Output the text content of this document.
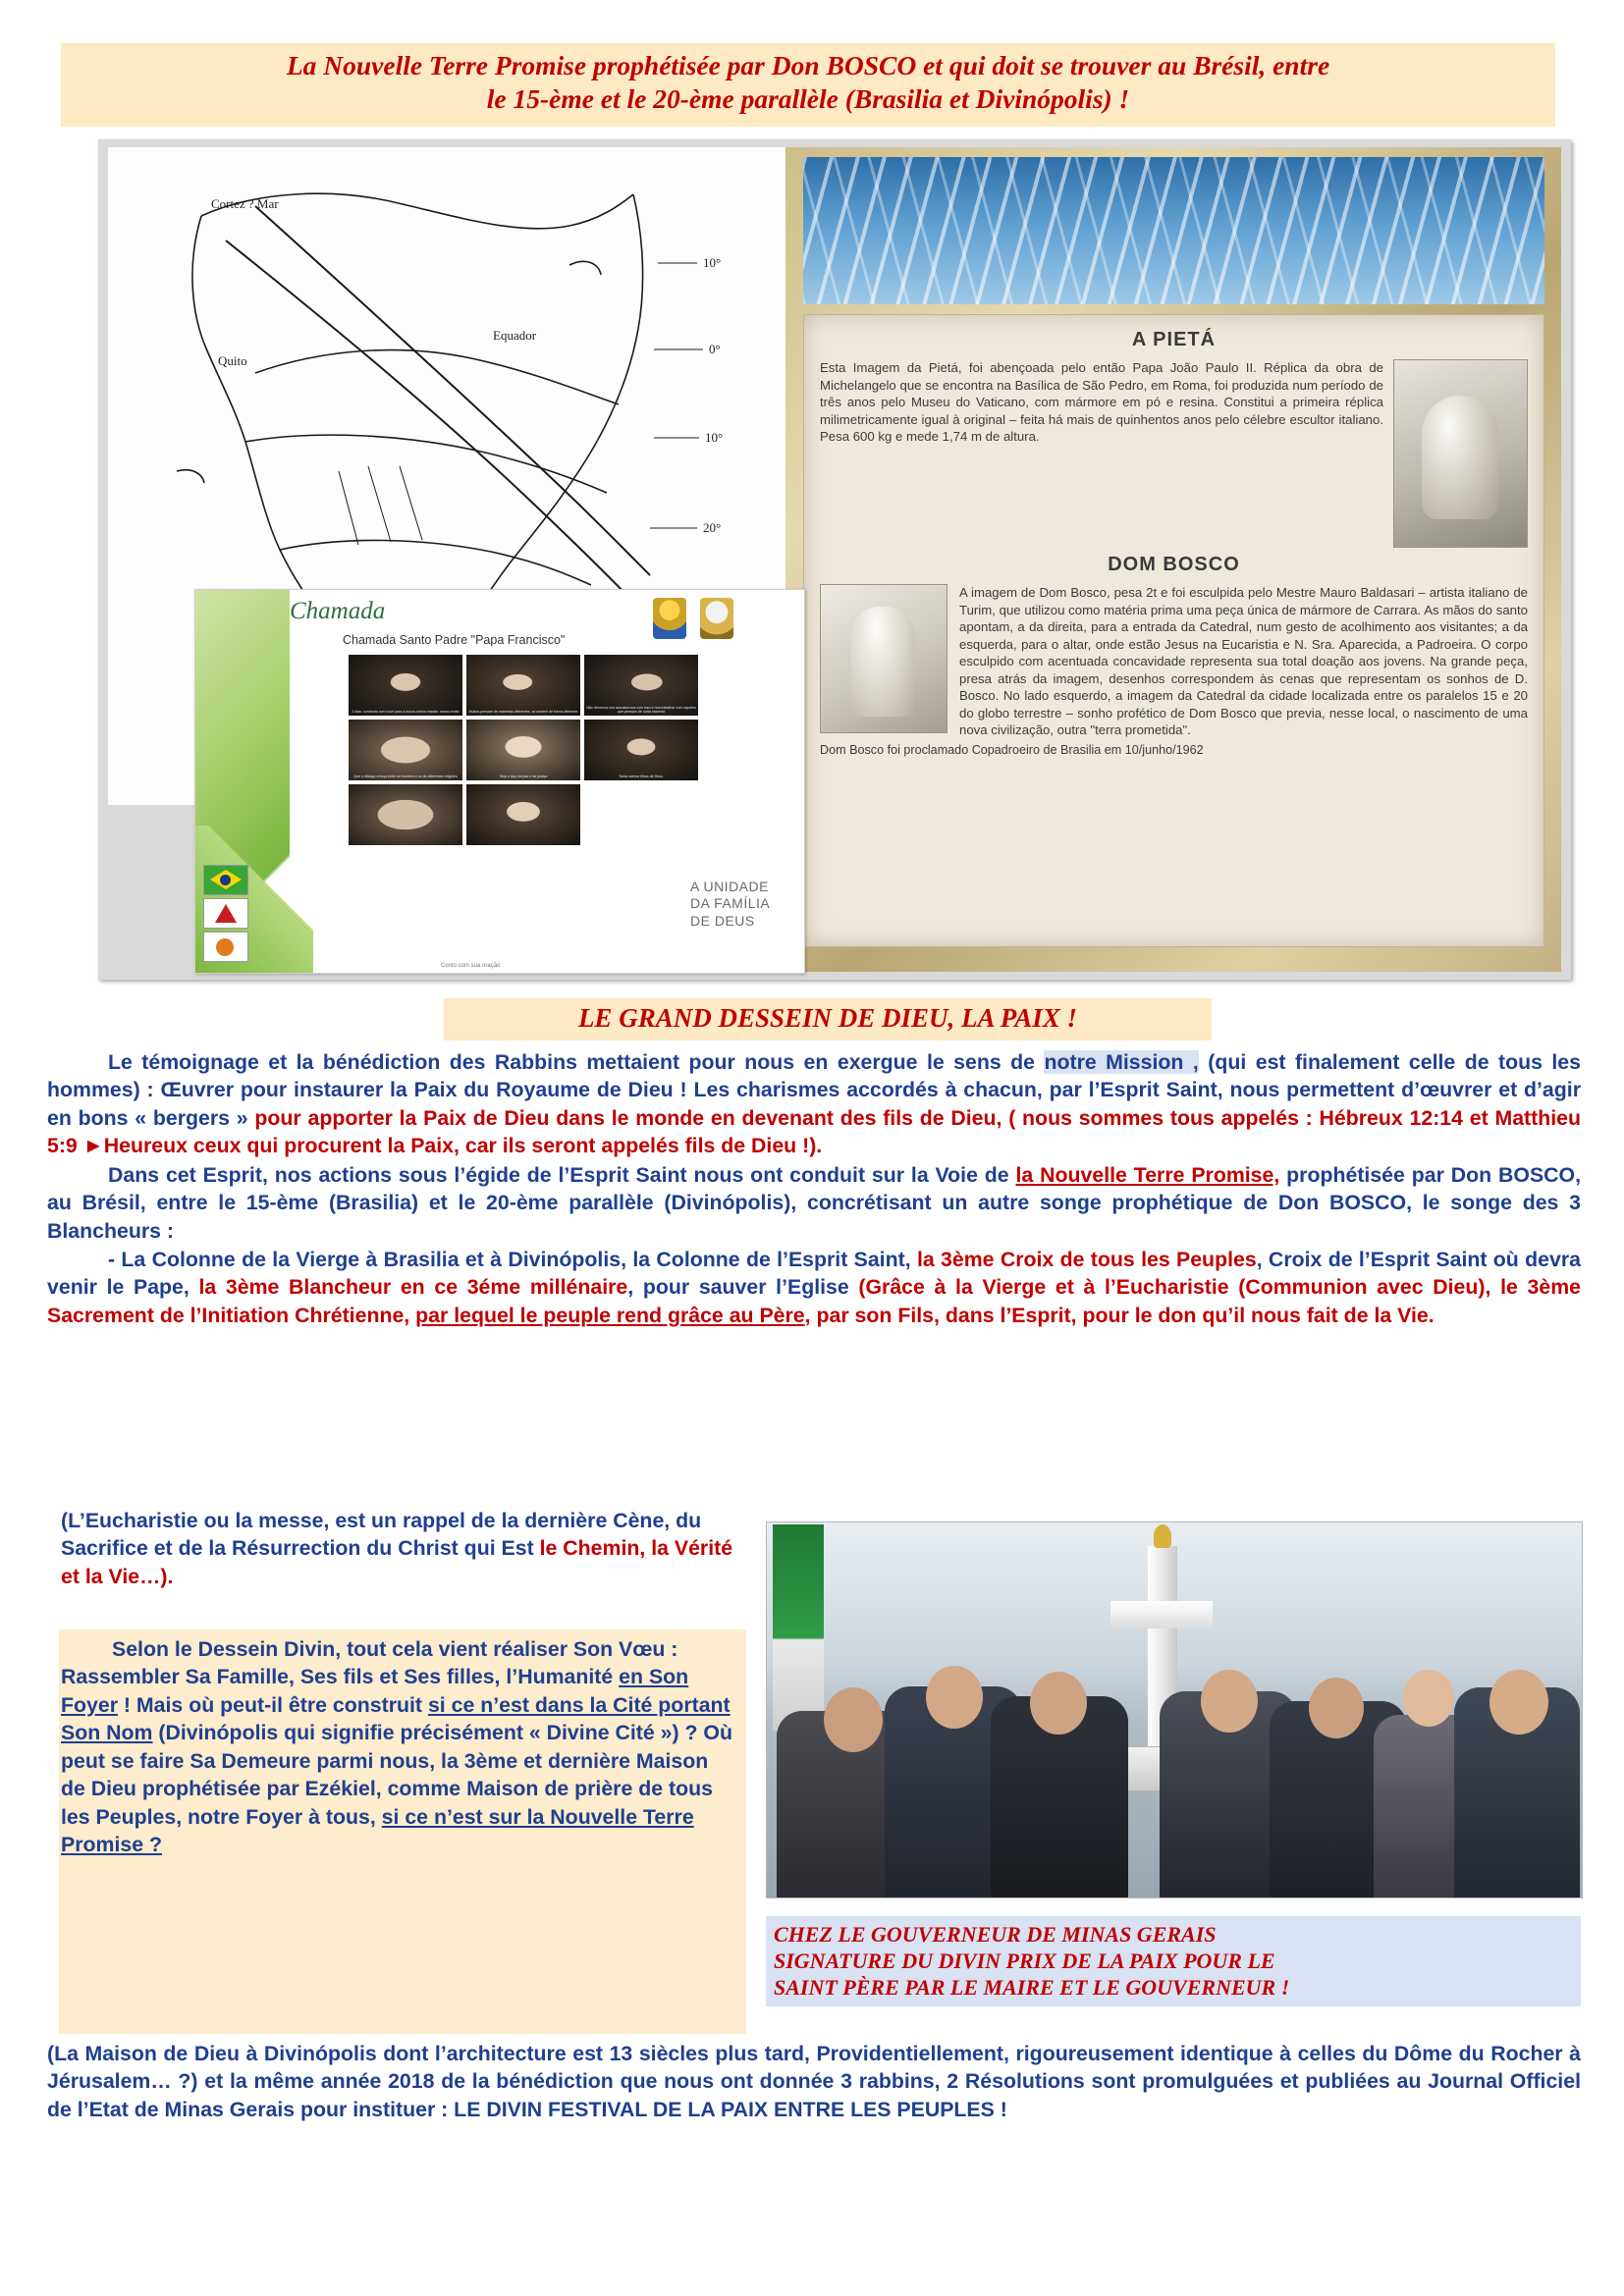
La Nouvelle Terre Promise prophétisée par Don BOSCO et qui doit se trouver au Brésil, entre
le 15-ème et le 20-ème parallèle (Brasilia et Divinópolis) !
Cortez ? Mar
Equador
Quito
10°
0°
10°
20°
A PIETÁ
Esta Imagem da Pietá, foi abençoada pelo então Papa João Paulo II. Réplica da obra de Michelangelo que se encontra na Basílica de São Pedro, em Roma, foi produzida num período de três anos pelo Museu do Vaticano, com mármore em pó e resina. Constitui a primeira réplica milimetricamente igual à original – feita há mais de quinhentos anos pelo célebre escultor italiano. Pesa 600 kg e mede 1,74 m de altura.
DOM BOSCO
A imagem de Dom Bosco, pesa 2t e foi esculpida pelo Mestre Mauro Baldasari – artista italiano de Turim, que utilizou como matéria prima uma peça única de mármore de Carrara. As mãos do santo apontam, a da direita, para a entrada da Catedral, num gesto de acolhimento aos visitantes; a da esquerda, para o altar, onde estão Jesus na Eucaristia e N. Sra. Aparecida, a Padroeira. O corpo esculpido com acentuada concavidade representa sua total doação aos jovens. Na grande peça, presa atrás da imagem, desenhos correspondem às cenas que representam os sonhos de D. Bosco. No lado esquerdo, a imagem da Catedral da cidade localizada entre os paralelos 15 e 20 do globo terrestre – sonho profético de Dom Bosco que previa, nesse local, o nascimento de uma nova civilização, outra "terra prometida".
Dom Bosco foi proclamado Copadroeiro de Brasilia em 10/junho/1962
Chamada
Chamada Santo Padre "Papa Francisco"
3 dias: contando com você para a busca minha missão: nosso irmão	Muitos pensam de maneiras diferentes, se sentem de forma diferente
Não devemos nos assustarmos com isso e nos trabalhar com aqueles que pensam de outra maneira
Que o diálogo cresça entre os homens e os de diferentes religiões	Seja o laço da paz e da justiça	Todos somos filhos de Deus.
A UNIDADE DA FAMÍLIA DE DEUS
Conto com sua oração
LE GRAND DESSEIN DE DIEU, LA PAIX !

Le témoignage et la bénédiction des Rabbins mettaient pour nous en exergue le sens de notre Mission , (qui est finalement celle de tous les hommes) : Œuvrer pour instaurer la Paix du Royaume de Dieu ! Les charismes accordés à chacun, par l’Esprit Saint, nous permettent d’œuvrer et d’agir en bons « bergers » pour apporter la Paix de Dieu dans le monde en devenant des fils de Dieu, ( nous sommes tous appelés : Hébreux 12:14 et Matthieu 5:9 ►Heureux ceux qui procurent la Paix, car ils seront appelés fils de Dieu !).

Dans cet Esprit, nos actions sous l’égide de l’Esprit Saint nous ont conduit sur la Voie de la Nouvelle Terre Promise, prophétisée par Don BOSCO, au Brésil, entre le 15-ème (Brasilia) et le 20-ème parallèle (Divinópolis), concrétisant un autre songe prophétique de Don BOSCO, le songe des 3 Blancheurs :

- La Colonne de la Vierge à Brasilia et à Divinópolis, la Colonne de l’Esprit Saint, la 3ème Croix de tous les Peuples, Croix de l’Esprit Saint où devra venir le Pape, la 3ème Blancheur en ce 3éme millénaire, pour sauver l’Eglise (Grâce à la Vierge et à l’Eucharistie (Communion avec Dieu), le 3ème Sacrement de l’Initiation Chrétienne, par lequel le peuple rend grâce au Père, par son Fils, dans l’Esprit, pour le don qu’il nous fait de la Vie.

(L’Eucharistie ou la messe, est un rappel de la dernière Cène, du Sacrifice et de la Résurrection du Christ qui Est le Chemin, la Vérité et la Vie…).
Selon le Dessein Divin, tout cela vient réaliser Son Vœu : Rassembler Sa Famille, Ses fils et Ses filles, l’Humanité en Son Foyer ! Mais où peut-il être construit si ce n’est dans la Cité portant Son Nom (Divinópolis qui signifie précisément « Divine Cité ») ? Où peut se faire Sa Demeure parmi nous, la 3ème et dernière Maison de Dieu prophétisée par Ezékiel, comme Maison de prière de tous les Peuples, notre Foyer à tous, si ce n’est sur la Nouvelle Terre Promise ?
CHEZ LE GOUVERNEUR DE MINAS GERAIS
SIGNATURE DU DIVIN PRIX DE LA PAIX POUR LE
SAINT PÈRE PAR LE MAIRE ET LE GOUVERNEUR !
(La Maison de Dieu à Divinópolis dont l’architecture est 13 siècles plus tard, Providentiellement, rigoureusement identique à celles du Dôme du Rocher à Jérusalem… ?) et la même année 2018 de la bénédiction que nous ont donnée 3 rabbins, 2 Résolutions sont promulguées et publiées au Journal Officiel de l’Etat de Minas Gerais pour instituer : LE DIVIN FESTIVAL DE LA PAIX ENTRE LES PEUPLES !
